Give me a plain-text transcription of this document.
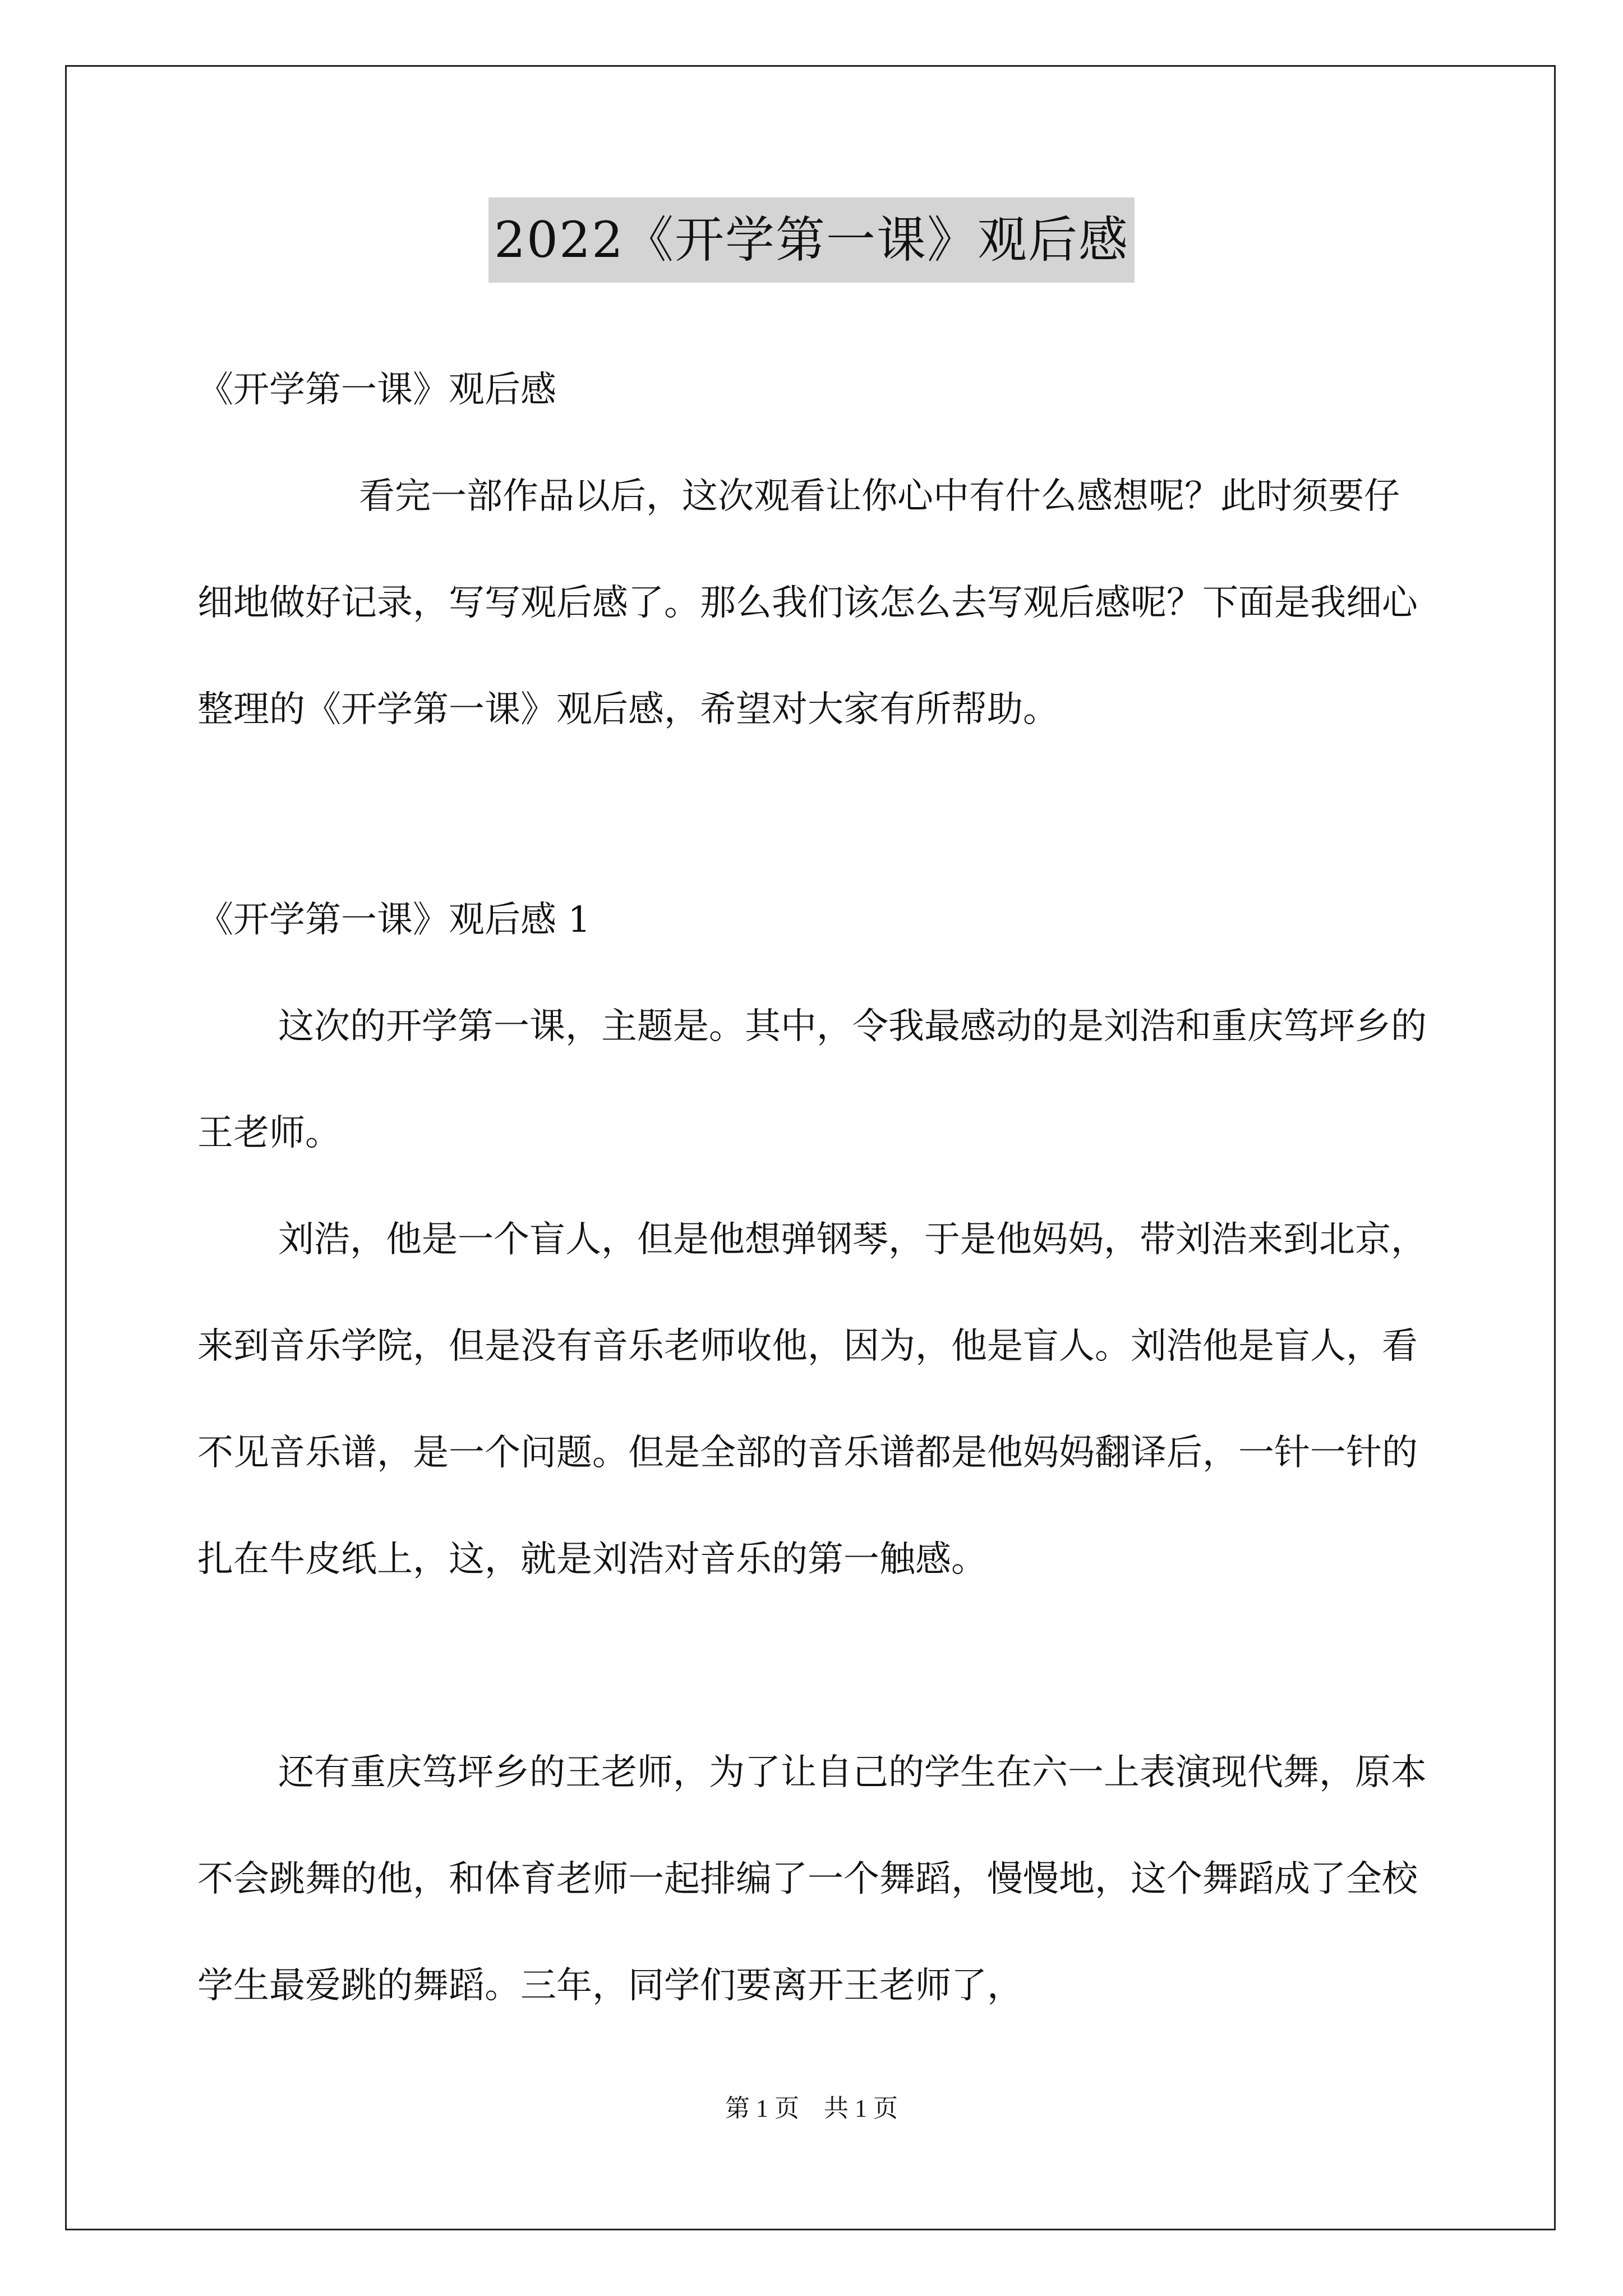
2022《开学第一课》观后感

《开学第一课》观后感

看完一部作品以后，这次观看让你心中有什么感想呢？此时须要仔细地做好记录，写写观后感了。那么我们该怎么去写观后感呢？下面是我细心整理的《开学第一课》观后感，希望对大家有所帮助。

《开学第一课》观后感 1

这次的开学第一课，主题是。其中，令我最感动的是刘浩和重庆笃坪乡的王老师。

刘浩，他是一个盲人，但是他想弹钢琴，于是他妈妈，带刘浩来到北京，来到音乐学院，但是没有音乐老师收他，因为，他是盲人。刘浩他是盲人，看不见音乐谱，是一个问题。但是全部的音乐谱都是他妈妈翻译后，一针一针的扎在牛皮纸上，这，就是刘浩对音乐的第一触感。

还有重庆笃坪乡的王老师，为了让自己的学生在六一上表演现代舞，原本不会跳舞的他，和体育老师一起排编了一个舞蹈，慢慢地，这个舞蹈成了全校学生最爱跳的舞蹈。三年，同学们要离开王老师了，

第 1 页　共 1 页
